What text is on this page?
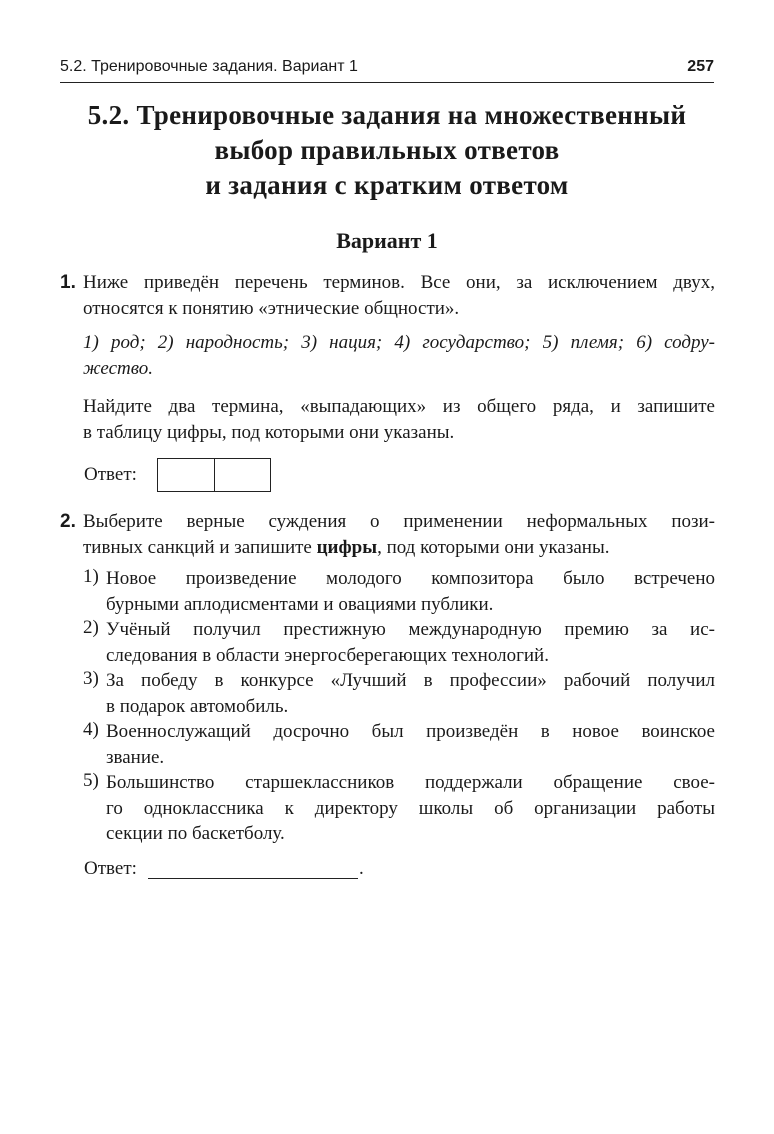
5.2. Тренировочные задания. Вариант 1	257
5.2. Тренировочные задания на множественный
выбор правильных ответов
и задания с кратким ответом
Вариант 1
1. Ниже приведён перечень терминов. Все они, за исключением двух,
относятся к понятию «этнические общности».
1) род; 2) народность; 3) нация; 4) государство; 5) племя; 6) содру-
жество.
Найдите два термина, «выпадающих» из общего ряда, и запишите
в таблицу цифры, под которыми они указаны.
Ответ:
2. Выберите верные суждения о применении неформальных пози-
тивных санкций и запишите цифры, под которыми они указаны.
1) Новое произведение молодого композитора было встречено
бурными аплодисментами и овациями публики.
2) Учёный получил престижную международную премию за ис-
следования в области энергосберегающих технологий.
3) За победу в конкурсе «Лучший в профессии» рабочий получил
в подарок автомобиль.
4) Военнослужащий досрочно был произведён в новое воинское
звание.
5) Большинство старшеклассников поддержали обращение свое-
го одноклассника к директору школы об организации работы
секции по баскетболу.
Ответ:	.
